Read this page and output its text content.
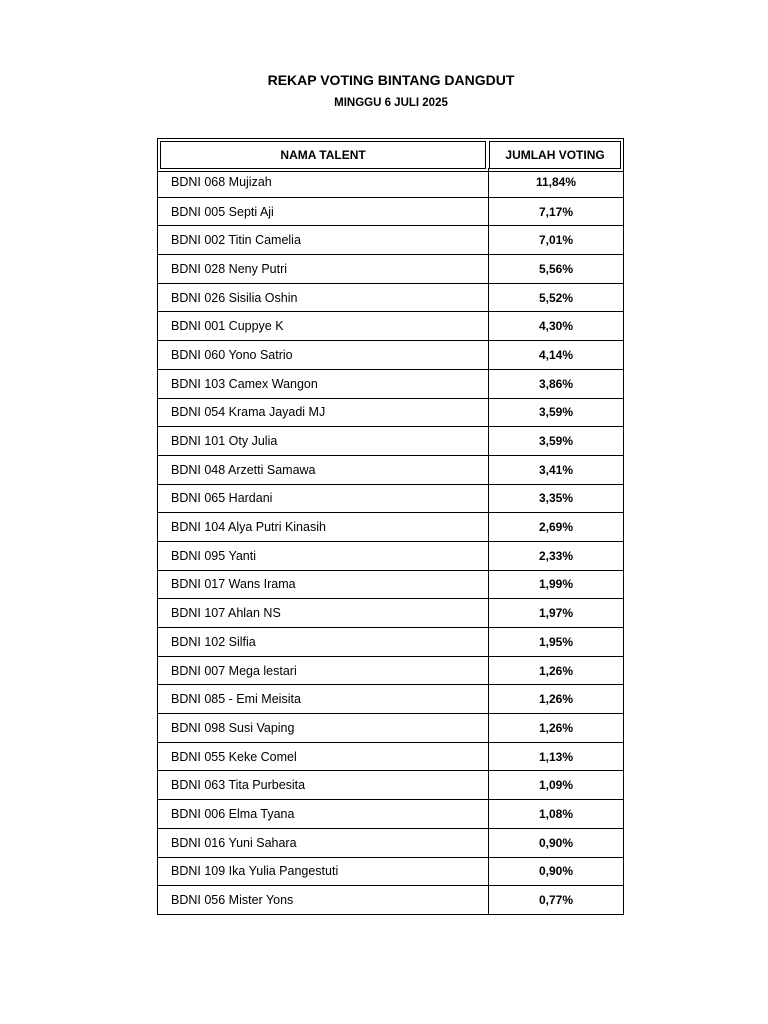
REKAP VOTING BINTANG DANGDUT
MINGGU 6 JULI 2025
NAMA TALENT	JUMLAH VOTING
BDNI 068 Mujizah	11,84%
BDNI 005 Septi Aji	7,17%
BDNI 002 Titin Camelia	7,01%
BDNI 028 Neny Putri	5,56%
BDNI 026 Sisilia Oshin	5,52%
BDNI 001 Cuppye K	4,30%
BDNI 060 Yono Satrio	4,14%
BDNI 103 Camex Wangon	3,86%
BDNI 054 Krama Jayadi MJ	3,59%
BDNI 101 Oty Julia	3,59%
BDNI 048 Arzetti Samawa	3,41%
BDNI 065 Hardani	3,35%
BDNI 104 Alya Putri Kinasih	2,69%
BDNI 095 Yanti	2,33%
BDNI 017 Wans Irama	1,99%
BDNI 107 Ahlan NS	1,97%
BDNI 102 Silfia	1,95%
BDNI 007 Mega lestari	1,26%
BDNI 085 - Emi Meisita	1,26%
BDNI 098 Susi Vaping	1,26%
BDNI 055 Keke Comel	1,13%
BDNI 063 Tita Purbesita	1,09%
BDNI 006 Elma Tyana	1,08%
BDNI 016 Yuni Sahara	0,90%
BDNI 109 Ika Yulia Pangestuti	0,90%
BDNI 056 Mister Yons	0,77%
